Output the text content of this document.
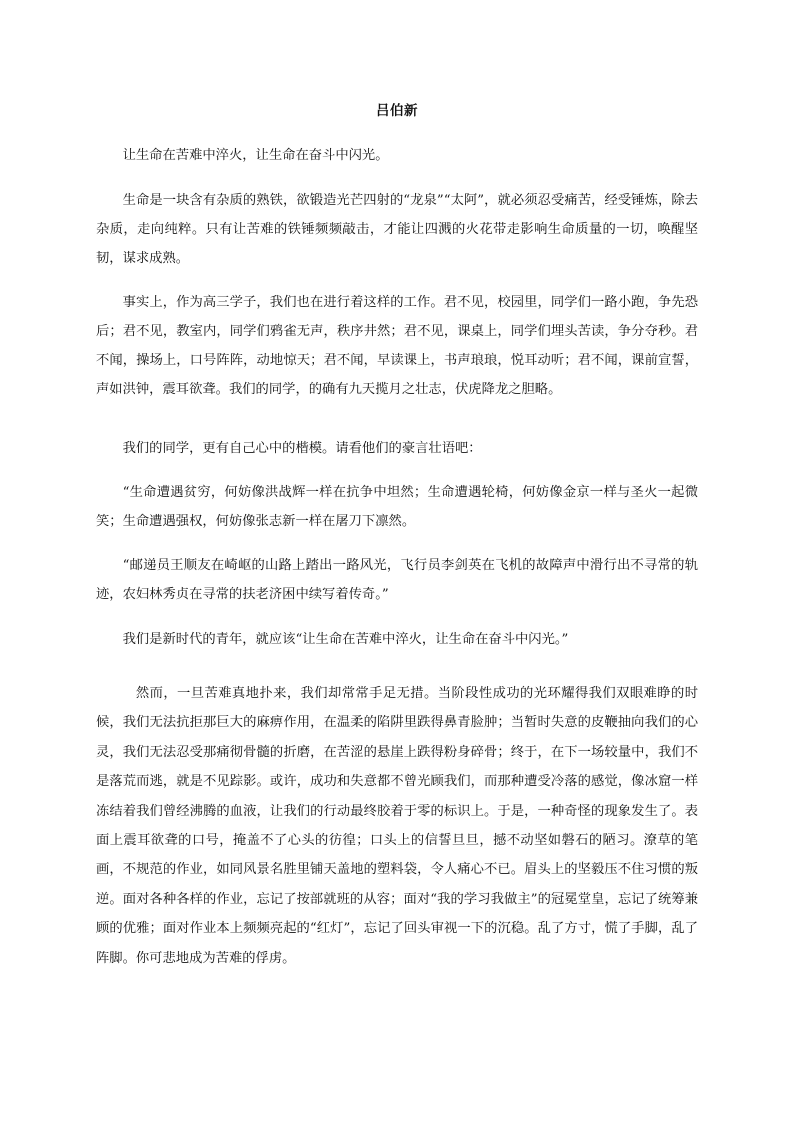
吕伯新

让生命在苦难中淬火，让生命在奋斗中闪光。

生命是一块含有杂质的熟铁，欲锻造光芒四射的“龙泉”“太阿”，就必须忍受痛苦，经受锤炼，除去杂质，走向纯粹。只有让苦难的铁锤频频敲击，才能让四溅的火花带走影响生命质量的一切，唤醒坚韧，谋求成熟。

事实上，作为高三学子，我们也在进行着这样的工作。君不见，校园里，同学们一路小跑，争先恐后；君不见，教室内，同学们鸦雀无声，秩序井然；君不见，课桌上，同学们埋头苦读，争分夺秒。君不闻，操场上，口号阵阵，动地惊天；君不闻，早读课上，书声琅琅，悦耳动听；君不闻，课前宣誓，声如洪钟，震耳欲聋。我们的同学，的确有九天揽月之壮志，伏虎降龙之胆略。

我们的同学，更有自己心中的楷模。请看他们的豪言壮语吧：

“生命遭遇贫穷，何妨像洪战辉一样在抗争中坦然；生命遭遇轮椅，何妨像金京一样与圣火一起微笑；生命遭遇强权，何妨像张志新一样在屠刀下凛然。

“邮递员王顺友在崎岖的山路上踏出一路风光，飞行员李剑英在飞机的故障声中滑行出不寻常的轨迹，农妇林秀贞在寻常的扶老济困中续写着传奇。”

我们是新时代的青年，就应该“让生命在苦难中淬火，让生命在奋斗中闪光。”

然而，一旦苦难真地扑来，我们却常常手足无措。当阶段性成功的光环耀得我们双眼难睁的时候，我们无法抗拒那巨大的麻痹作用，在温柔的陷阱里跌得鼻青脸肿；当暂时失意的皮鞭抽向我们的心灵，我们无法忍受那痛彻骨髓的折磨，在苦涩的悬崖上跌得粉身碎骨；终于，在下一场较量中，我们不是落荒而逃，就是不见踪影。或许，成功和失意都不曾光顾我们，而那种遭受冷落的感觉，像冰窟一样冻结着我们曾经沸腾的血液，让我们的行动最终胶着于零的标识上。于是，一种奇怪的现象发生了。表面上震耳欲聋的口号，掩盖不了心头的彷徨；口头上的信誓旦旦，撼不动坚如磐石的陋习。潦草的笔画，不规范的作业，如同风景名胜里铺天盖地的塑料袋，令人痛心不已。眉头上的坚毅压不住习惯的叛逆。面对各种各样的作业，忘记了按部就班的从容；面对“我的学习我做主”的冠冕堂皇，忘记了统筹兼顾的优雅；面对作业本上频频亮起的“红灯”，忘记了回头审视一下的沉稳。乱了方寸，慌了手脚，乱了阵脚。你可悲地成为苦难的俘虏。
